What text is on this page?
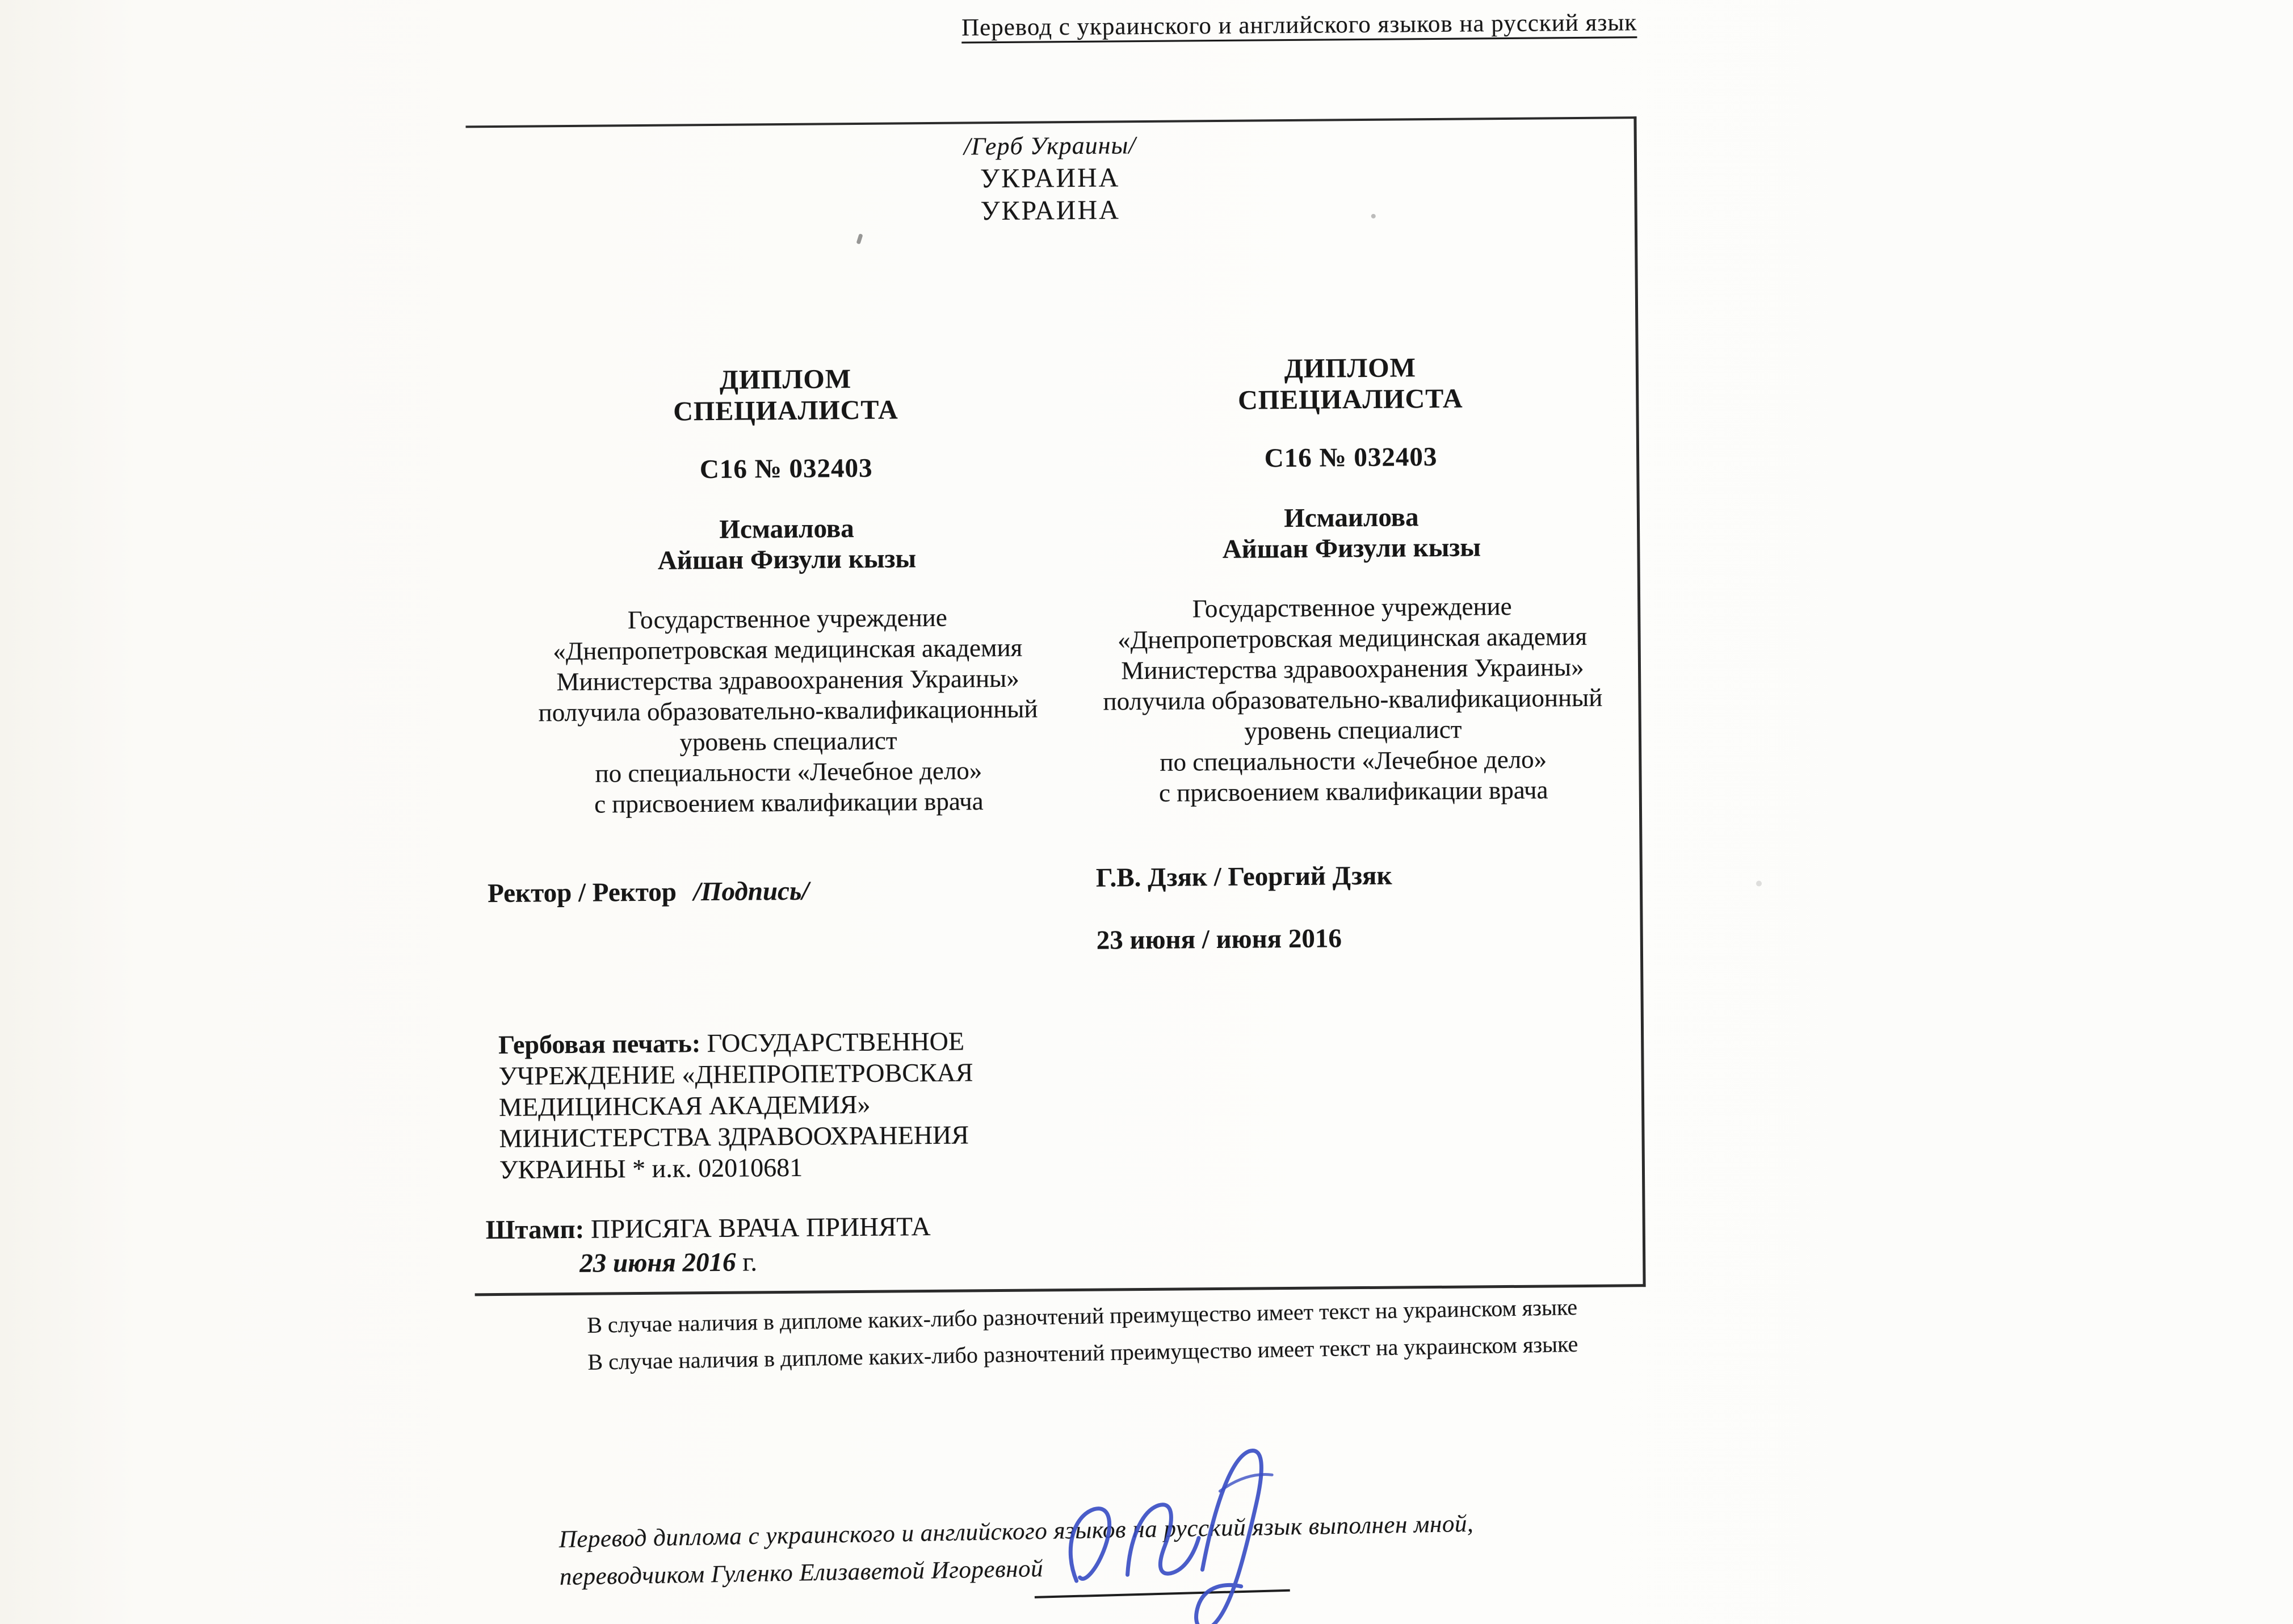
Перевод с украинского и английского языков на русский язык
/Герб Украины/
УКРАИНА
УКРАИНА
ДИПЛОМ
СПЕЦИАЛИСТА
С16 № 032403
Исмаилова
Айшан Физули кызы
Государственное учреждение
«Днепропетровская медицинская академия
Министерства здравоохранения Украины»
получила образовательно-квалификационный
уровень специалист
по специальности «Лечебное дело»
с присвоением квалификации врача
ДИПЛОМ
СПЕЦИАЛИСТА
С16 № 032403
Исмаилова
Айшан Физули кызы
Государственное учреждение
«Днепропетровская медицинская академия
Министерства здравоохранения Украины»
получила образовательно-квалификационный
уровень специалист
по специальности «Лечебное дело»
с присвоением квалификации врача
Ректор / Ректор /Подпись/
Гербовая печать: ГОСУДАРСТВЕННОЕ
УЧРЕЖДЕНИЕ «ДНЕПРОПЕТРОВСКАЯ
МЕДИЦИНСКАЯ АКАДЕМИЯ»
МИНИСТЕРСТВА ЗДРАВООХРАНЕНИЯ
УКРАИНЫ * и.к. 02010681
Штамп: ПРИСЯГА ВРАЧА ПРИНЯТА
23 июня 2016 г.
Г.В. Дзяк / Георгий Дзяк
23 июня / июня 2016
В случае наличия в дипломе каких-либо разночтений преимущество имеет текст на украинском языке
В случае наличия в дипломе каких-либо разночтений преимущество имеет текст на украинском языке
Перевод диплома с украинского и английского языков на русский язык выполнен мной,
переводчиком Гуленко Елизаветой Игоревной
